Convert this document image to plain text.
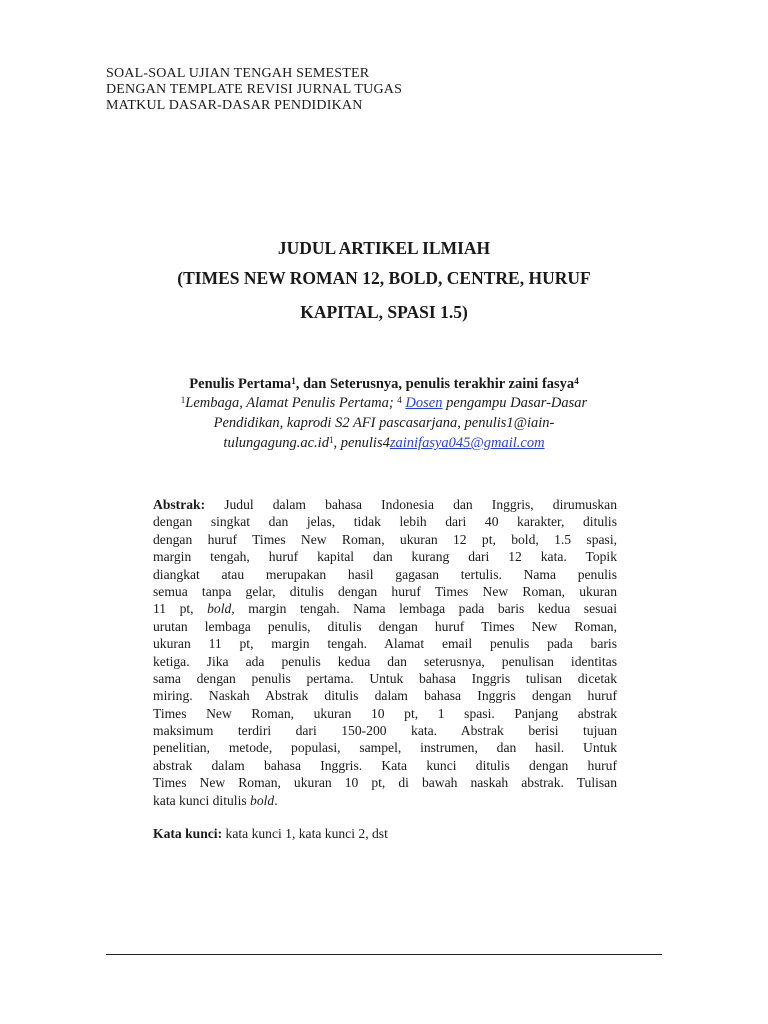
SOAL-SOAL UJIAN TENGAH SEMESTER
DENGAN TEMPLATE REVISI JURNAL TUGAS
MATKUL DASAR-DASAR PENDIDIKAN
JUDUL ARTIKEL ILMIAH
(TIMES NEW ROMAN 12, BOLD, CENTRE, HURUF
KAPITAL, SPASI 1.5)
Penulis Pertama$^1$, dan Seterusnya, penulis terakhir zaini fasya$^4$
$^1$Lembaga, Alamat Penulis Pertama; $^4$ Dosen pengampu Dasar-Dasar
Pendidikan, kaprodi S2 AFI pascasarjana, penulis1@iain-
$tulungagung.ac.id^1$, penulis4zainifasya045@gmail.com
Abstrak: Judul dalam bahasa Indonesia dan Inggris, dirumuskan
dengan singkat dan jelas, tidak lebih dari 40 karakter, ditulis
dengan huruf Times New Roman, ukuran 12 pt, bold, 1.5 spasi,
margin tengah, huruf kapital dan kurang dari 12 kata. Topik
diangkat atau merupakan hasil gagasan tertulis. Nama penulis
semua tanpa gelar, ditulis dengan huruf Times New Roman, ukuran
11 pt, bold, margin tengah. Nama lembaga pada baris kedua sesuai
urutan lembaga penulis, ditulis dengan huruf Times New Roman,
ukuran 11 pt, margin tengah. Alamat email penulis pada baris
ketiga. Jika ada penulis kedua dan seterusnya, penulisan identitas
sama dengan penulis pertama. Untuk bahasa Inggris tulisan dicetak
miring. Naskah Abstrak ditulis dalam bahasa Inggris dengan huruf
Times New Roman, ukuran 10 pt, 1 spasi. Panjang abstrak
maksimum terdiri dari 150-200 kata. Abstrak berisi tujuan
penelitian, metode, populasi, sampel, instrumen, dan hasil. Untuk
abstrak dalam bahasa Inggris. Kata kunci ditulis dengan huruf
Times New Roman, ukuran 10 pt, di bawah naskah abstrak. Tulisan
kata kunci ditulis bold.
Kata kunci: kata kunci 1, kata kunci 2, dst
